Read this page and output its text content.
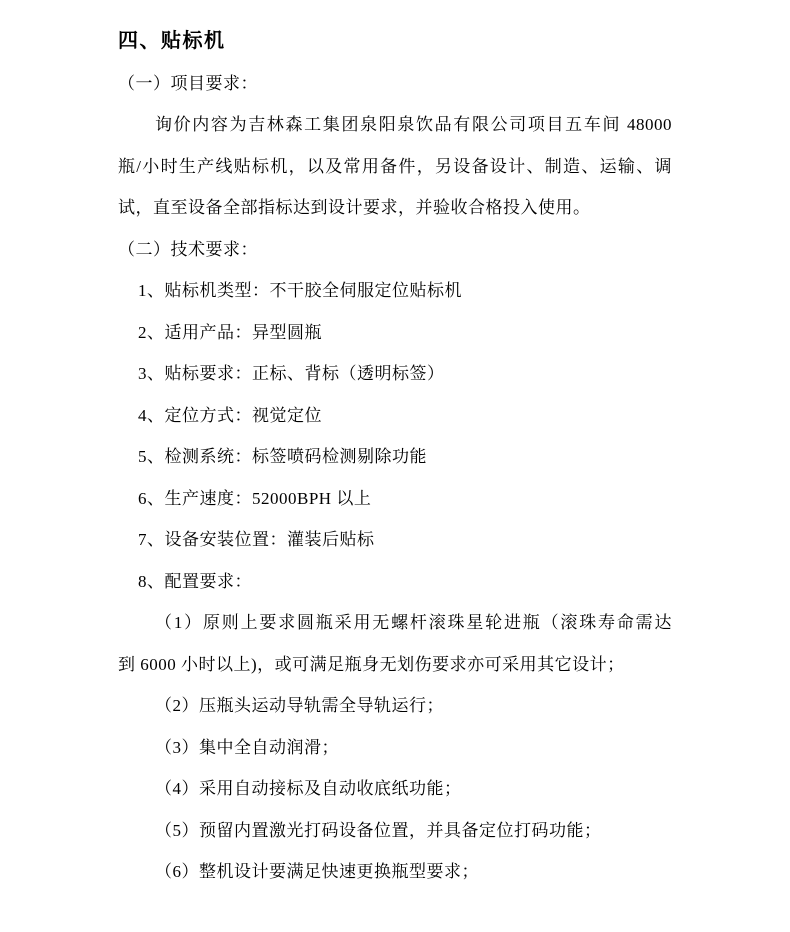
四、贴标机
（一）项目要求：
询价内容为吉林森工集团泉阳泉饮品有限公司项目五车间 48000
瓶/小时生产线贴标机，以及常用备件，另设备设计、制造、运输、调
试，直至设备全部指标达到设计要求，并验收合格投入使用。
（二）技术要求：
1、贴标机类型：不干胶全伺服定位贴标机
2、适用产品：异型圆瓶
3、贴标要求：正标、背标（透明标签）
4、定位方式：视觉定位
5、检测系统：标签喷码检测剔除功能
6、生产速度：52000BPH 以上
7、设备安装位置：灌装后贴标
8、配置要求：
（1）原则上要求圆瓶采用无螺杆滚珠星轮进瓶（滚珠寿命需达
到 6000 小时以上)，或可满足瓶身无划伤要求亦可采用其它设计；
（2）压瓶头运动导轨需全导轨运行；
（3）集中全自动润滑；
（4）采用自动接标及自动收底纸功能；
（5）预留内置激光打码设备位置，并具备定位打码功能；
（6）整机设计要满足快速更换瓶型要求；
